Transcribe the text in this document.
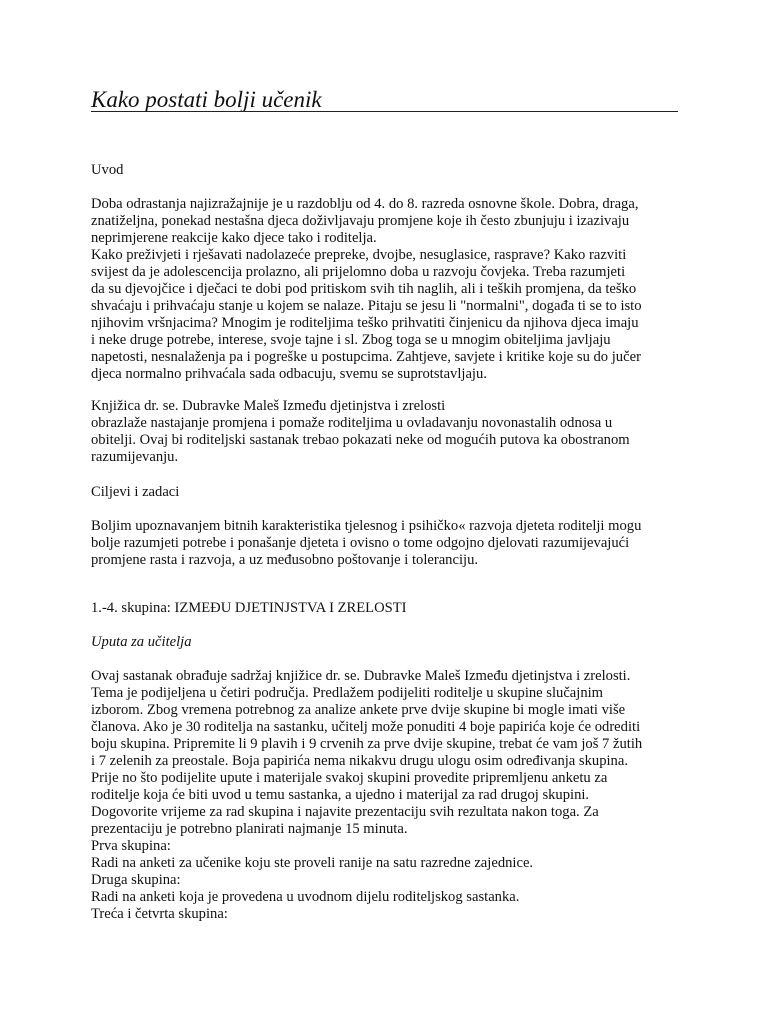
Kako postati bolji učenik

Uvod

Doba odrastanja najizražajnije je u razdoblju od 4. do 8. razreda osnovne škole. Dobra, draga,
znatiželjna, ponekad nestašna djeca doživljavaju promjene koje ih često zbunjuju i izazivaju
neprimjerene reakcije kako djece tako i roditelja.
Kako preživjeti i rješavati nadolazeće prepreke, dvojbe, nesuglasice, rasprave? Kako razviti
svijest da je adolescencija prolazno, ali prijelomno doba u razvoju čovjeka. Treba razumjeti
da su djevojčice i dječaci te dobi pod pritiskom svih tih naglih, ali i teških promjena, da teško
shvaćaju i prihvaćaju stanje u kojem se nalaze. Pitaju se jesu li "normalni", događa ti se to isto
njihovim vršnjacima? Mnogim je roditeljima teško prihvatiti činjenicu da njihova djeca imaju
i neke druge potrebe, interese, svoje tajne i sl. Zbog toga se u mnogim obiteljima javljaju
napetosti, nesnalaženja pa i pogreške u postupcima. Zahtjeve, savjete i kritike koje su do jučer
djeca normalno prihvaćala sada odbacuju, svemu se suprotstavljaju.
Knjižica dr. se. Dubravke Maleš Između djetinjstva i zrelosti
obrazlaže nastajanje promjena i pomaže roditeljima u ovladavanju novonastalih odnosa u
obitelji. Ovaj bi roditeljski sastanak trebao pokazati neke od mogućih putova ka obostranom
razumijevanju.

Ciljevi i zadaci

Boljim upoznavanjem bitnih karakteristika tjelesnog i psihičko« razvoja djeteta roditelji mogu
bolje razumjeti potrebe i ponašanje djeteta i ovisno o tome odgojno djelovati razumijevajući
promjene rasta i razvoja, a uz međusobno poštovanje i toleranciju.

1.-4. skupina: IZMEĐU DJETINJSTVA I ZRELOSTI

Uputa za učitelja

Ovaj sastanak obrađuje sadržaj knjižice dr. se. Dubravke Maleš Između djetinjstva i zrelosti.
Tema je podijeljena u četiri područja. Predlažem podijeliti roditelje u skupine slučajnim
izborom. Zbog vremena potrebnog za analize ankete prve dvije skupine bi mogle imati više
članova. Ako je 30 roditelja na sastanku, učitelj može ponuditi 4 boje papirića koje će odrediti
boju skupina. Pripremite li 9 plavih i 9 crvenih za prve dvije skupine, trebat će vam još 7 žutih
i 7 zelenih za preostale. Boja papirića nema nikakvu drugu ulogu osim određivanja skupina.
Prije no što podijelite upute i materijale svakoj skupini provedite pripremljenu anketu za
roditelje koja će biti uvod u temu sastanka, a ujedno i materijal za rad drugoj skupini.
Dogovorite vrijeme za rad skupina i najavite prezentaciju svih rezultata nakon toga. Za
prezentaciju je potrebno planirati najmanje 15 minuta.
Prva skupina:
Radi na anketi za učenike koju ste proveli ranije na satu razredne zajednice.
Druga skupina:
Radi na anketi koja je provedena u uvodnom dijelu roditeljskog sastanka.
Treća i četvrta skupina:
